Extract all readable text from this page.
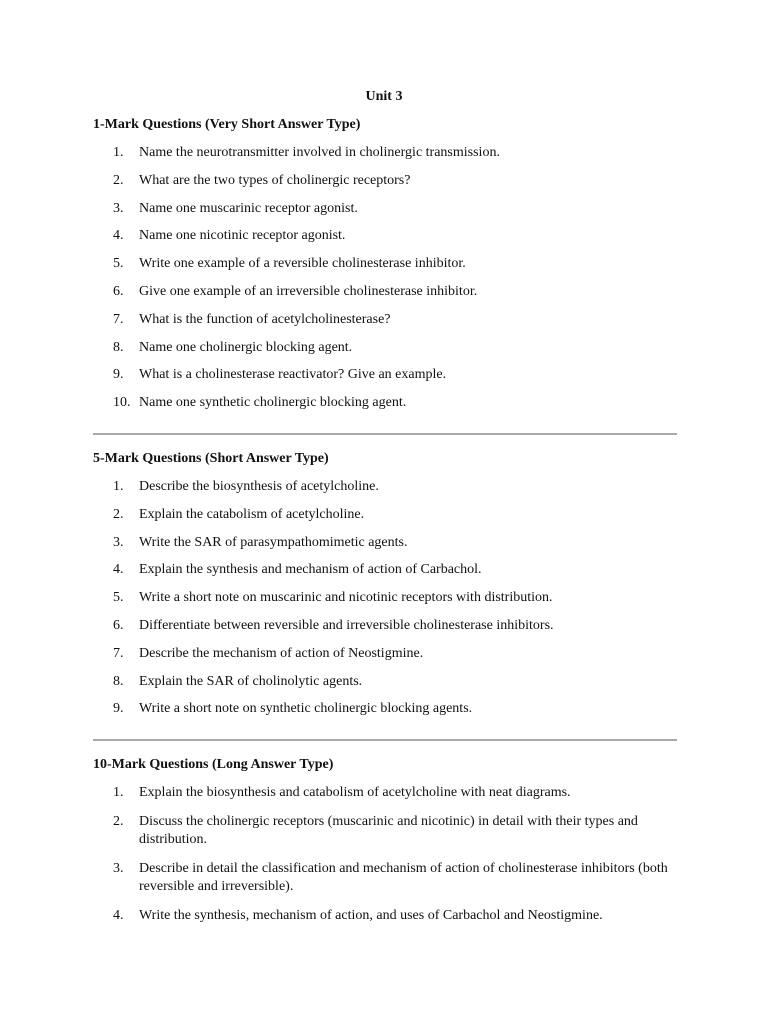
Unit 3

1-Mark Questions (Very Short Answer Type)

1.	Name the neurotransmitter involved in cholinergic transmission.
2.	What are the two types of cholinergic receptors?
3.	Name one muscarinic receptor agonist.
4.	Name one nicotinic receptor agonist.
5.	Write one example of a reversible cholinesterase inhibitor.
6.	Give one example of an irreversible cholinesterase inhibitor.
7.	What is the function of acetylcholinesterase?
8.	Name one cholinergic blocking agent.
9.	What is a cholinesterase reactivator? Give an example.
10. Name one synthetic cholinergic blocking agent.

5-Mark Questions (Short Answer Type)

1.	Describe the biosynthesis of acetylcholine.
2.	Explain the catabolism of acetylcholine.
3.	Write the SAR of parasympathomimetic agents.
4.	Explain the synthesis and mechanism of action of Carbachol.
5.	Write a short note on muscarinic and nicotinic receptors with distribution.
6.	Differentiate between reversible and irreversible cholinesterase inhibitors.
7.	Describe the mechanism of action of Neostigmine.
8.	Explain the SAR of cholinolytic agents.
9.	Write a short note on synthetic cholinergic blocking agents.

10-Mark Questions (Long Answer Type)

1.	Explain the biosynthesis and catabolism of acetylcholine with neat diagrams.
2.	Discuss the cholinergic receptors (muscarinic and nicotinic) in detail with their types and distribution.
3.	Describe in detail the classification and mechanism of action of cholinesterase inhibitors (both reversible and irreversible).
4.	Write the synthesis, mechanism of action, and uses of Carbachol and Neostigmine.
